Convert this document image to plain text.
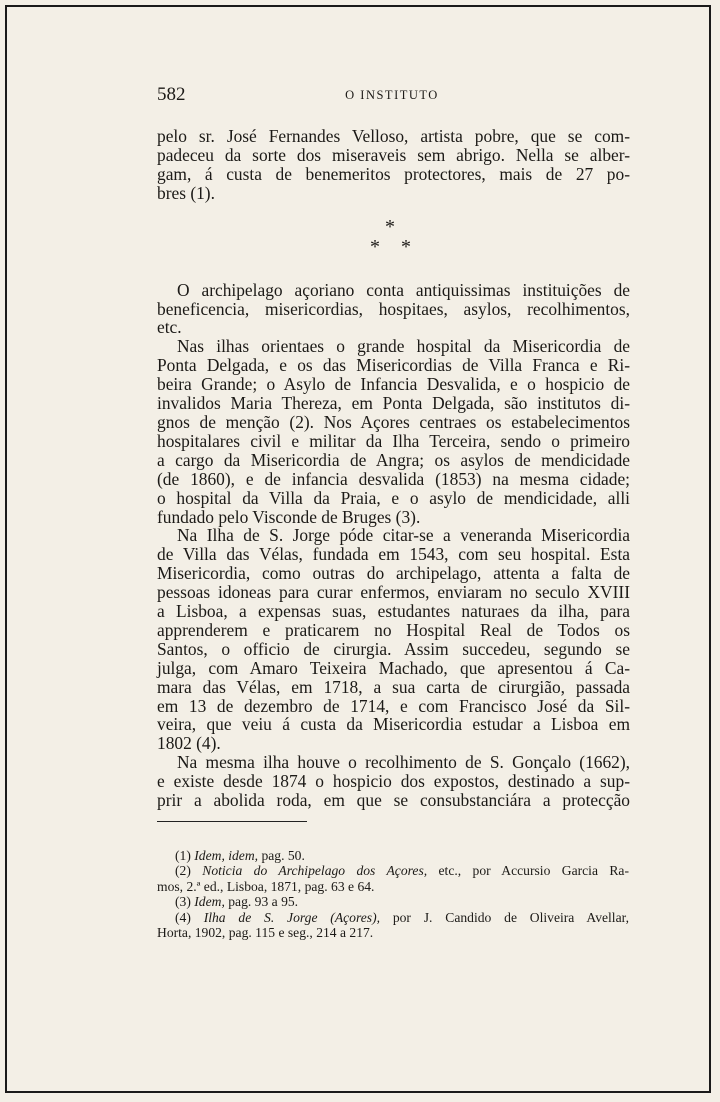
582	O INSTITUTO

pelo sr. José Fernandes Velloso, artista pobre, que se com-
padeceu da sorte dos miseraveis sem abrigo. Nella se alber-
gam, á custa de benemeritos protectores, mais de 27 po-

bres (1).

*
* *

O archipelago açoriano conta antiquissimas instituições de
beneficencia, misericordias, hospitaes, asylos, recolhimentos,

etc.

Nas ilhas orientaes o grande hospital da Misericordia de
Ponta Delgada, e os das Misericordias de Villa Franca e Ri-
beira Grande; o Asylo de Infancia Desvalida, e o hospicio de
invalidos Maria Thereza, em Ponta Delgada, são institutos di-
gnos de menção (2). Nos Açores centraes os estabelecimentos
hospitalares civil e militar da Ilha Terceira, sendo o primeiro
a cargo da Misericordia de Angra; os asylos de mendicidade
(de 1860), e de infancia desvalida (1853) na mesma cidade;
o hospital da Villa da Praia, e o asylo de mendicidade, alli

fundado pelo Visconde de Bruges (3).

Na Ilha de S. Jorge póde citar-se a veneranda Misericordia
de Villa das Vélas, fundada em 1543, com seu hospital. Esta
Misericordia, como outras do archipelago, attenta a falta de
pessoas idoneas para curar enfermos, enviaram no seculo XVIII
a Lisboa, a expensas suas, estudantes naturaes da ilha, para
apprenderem e praticarem no Hospital Real de Todos os
Santos, o officio de cirurgia. Assim succedeu, segundo se
julga, com Amaro Teixeira Machado, que apresentou á Ca-
mara das Vélas, em 1718, a sua carta de cirurgião, passada
em 13 de dezembro de 1714, e com Francisco José da Sil-
veira, que veiu á custa da Misericordia estudar a Lisboa em

1802 (4).

Na mesma ilha houve o recolhimento de S. Gonçalo (1662),
e existe desde 1874 o hospicio dos expostos, destinado a sup-
prir a abolida roda, em que se consubstanciára a protecção

(1) Idem, idem, pag. 50.

(2) Noticia do Archipelago dos Açores, etc., por Accursio Garcia Ra-

mos, 2.ª ed., Lisboa, 1871, pag. 63 e 64.

(3) Idem, pag. 93 a 95.

(4) Ilha de S. Jorge (Açores), por J. Candido de Oliveira Avellar,

Horta, 1902, pag. 115 e seg., 214 a 217.
